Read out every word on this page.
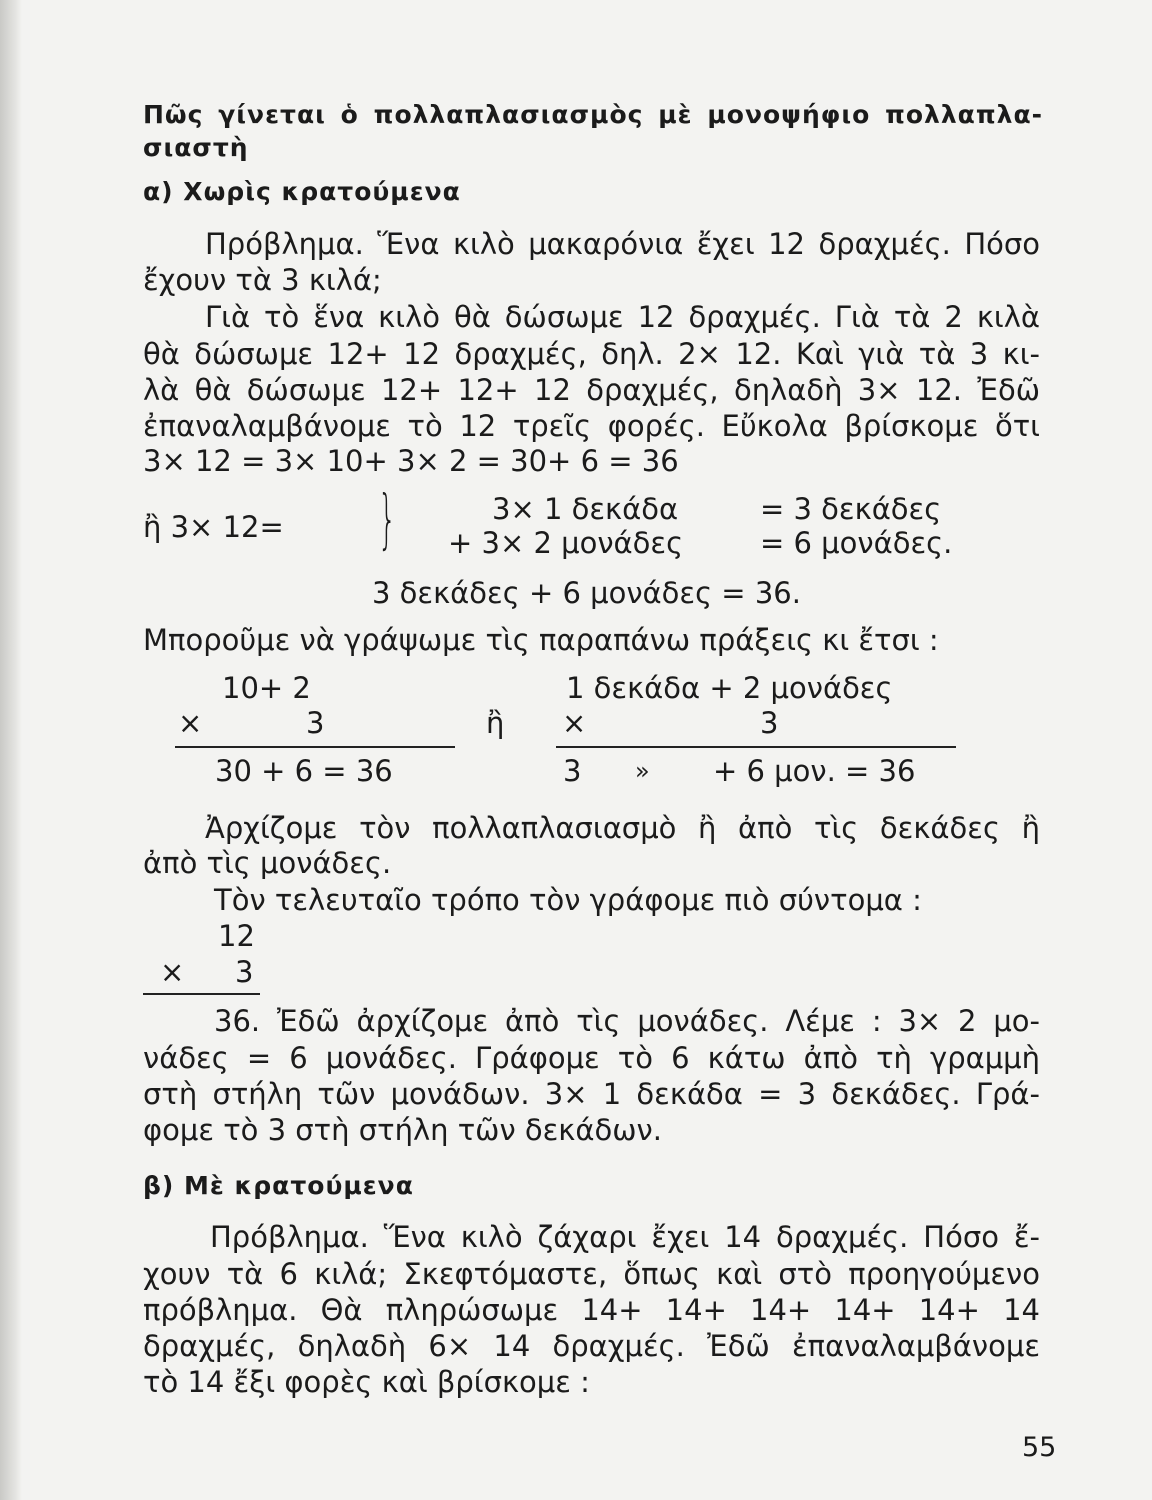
Πῶς γίνεται ὁ πολλαπλασιασμὸς μὲ μονοψήφιο πολλαπλα-
σιαστὴ
α) Χωρὶς κρατούμενα
Πρόβλημα. Ἕνα κιλὸ μακαρόνια ἔχει 12 δραχμές. Πόσο
ἔχουν τὰ 3 κιλά;
Γιὰ τὸ ἕνα κιλὸ θὰ δώσωμε 12 δραχμές. Γιὰ τὰ 2 κιλὰ
θὰ δώσωμε 12+ 12 δραχμές, δηλ. 2× 12. Καὶ γιὰ τὰ 3 κι-
λὰ θὰ δώσωμε 12+ 12+ 12 δραχμές, δηλαδὴ 3× 12. Ἐδῶ
ἐπαναλαμβάνομε τὸ 12 τρεῖς φορές. Εὔκολα βρίσκομε ὅτι
3× 12 = 3× 10+ 3× 2 = 30+ 6 = 36
ἢ 3× 12= }	3× 1 δεκάδα	= 3 δεκάδες
+ 3× 2 μονάδες	= 6 μονάδες.
3 δεκάδες + 6 μονάδες = 36.
Μποροῦμε νὰ γράψωμε τὶς παραπάνω πράξεις κι ἔτσι :
10+ 2
×	3
30 + 6 = 36
ἢ
1 δεκάδα + 2 μονάδες
×	3
3 » + 6 μον. = 36
Ἀρχίζομε τὸν πολλαπλασιασμὸ ἢ ἀπὸ τὶς δεκάδες ἢ
ἀπὸ τὶς μονάδες.
Τὸν τελευταῖο τρόπο τὸν γράφομε πιὸ σύντομα :
12
× 3
36. Ἐδῶ ἀρχίζομε ἀπὸ τὶς μονάδες. Λέμε : 3× 2 μο-
νάδες = 6 μονάδες. Γράφομε τὸ 6 κάτω ἀπὸ τὴ γραμμὴ
στὴ στήλη τῶν μονάδων. 3× 1 δεκάδα = 3 δεκάδες. Γρά-
φομε τὸ 3 στὴ στήλη τῶν δεκάδων.
β) Μὲ κρατούμενα
Πρόβλημα. Ἕνα κιλὸ ζάχαρι ἔχει 14 δραχμές. Πόσο ἔ-
χουν τὰ 6 κιλά; Σκεφτόμαστε, ὅπως καὶ στὸ προηγούμενο
πρόβλημα. Θὰ πληρώσωμε 14+ 14+ 14+ 14+ 14+ 14
δραχμές, δηλαδὴ 6× 14 δραχμές. Ἐδῶ ἐπαναλαμβάνομε
τὸ 14 ἔξι φορὲς καὶ βρίσκομε :
55
